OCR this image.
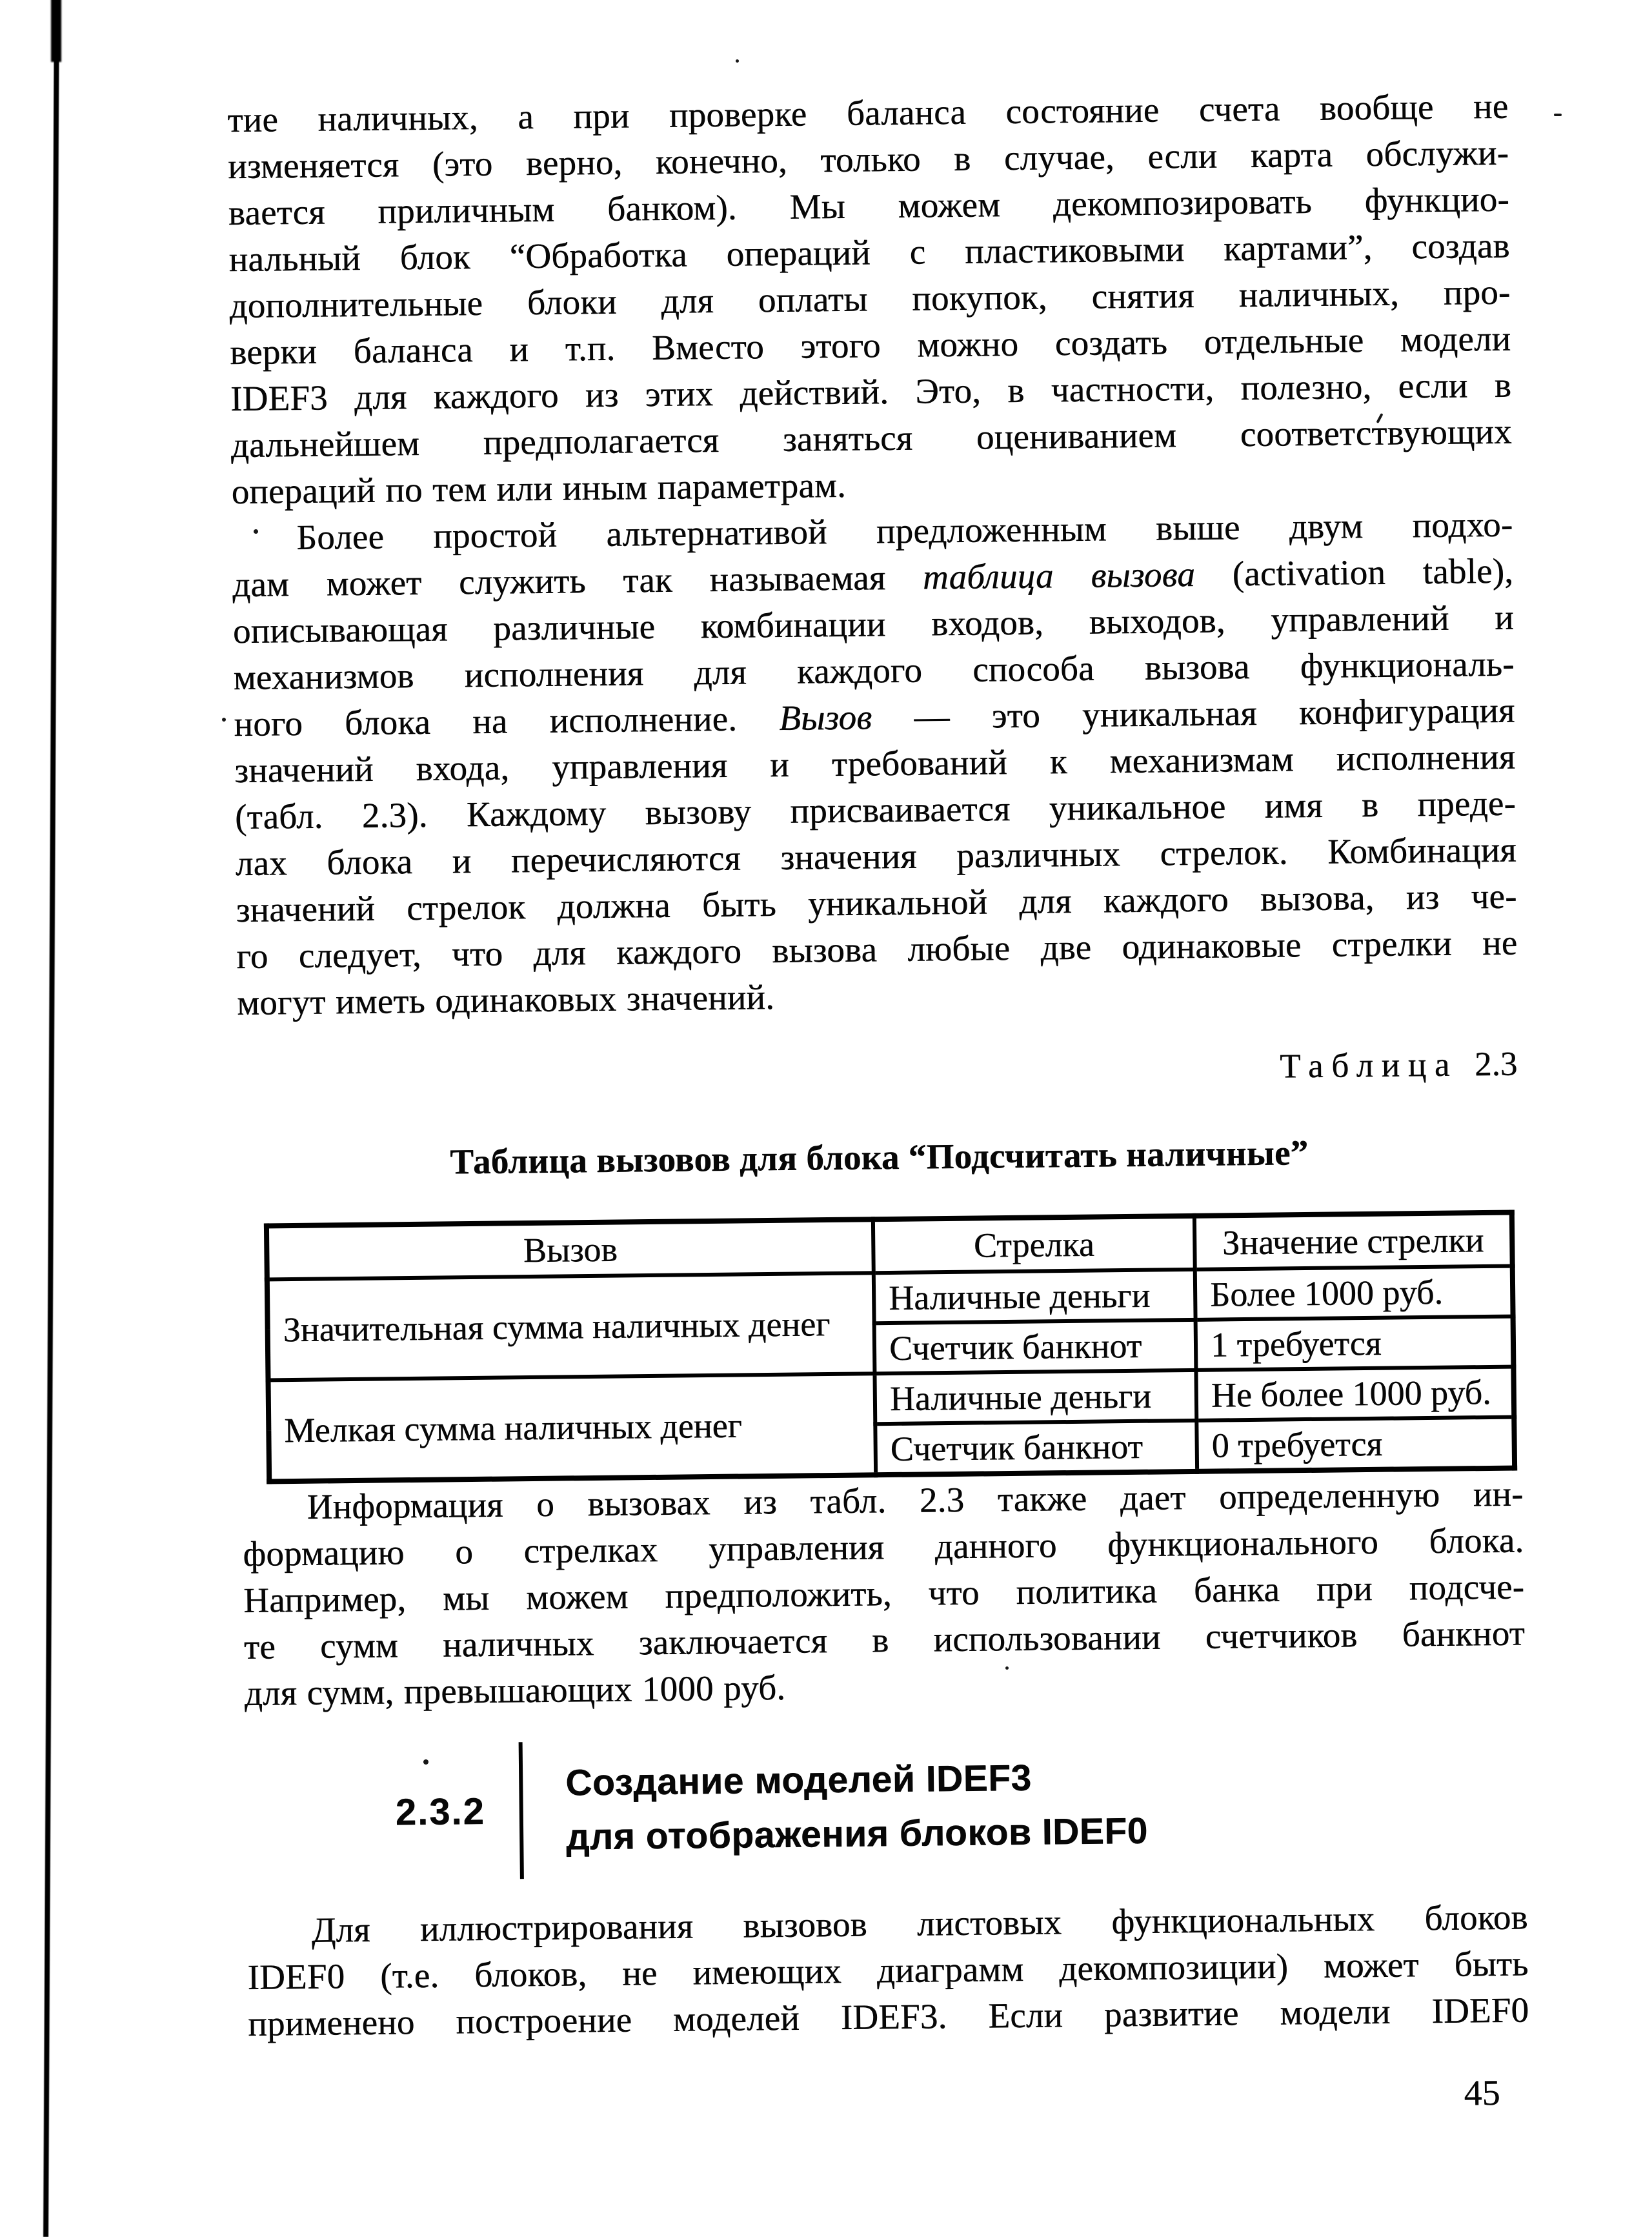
тие наличных, а при проверке баланса состояние счета вообще не
изменяется (это верно, конечно, только в случае, если карта обслужи-
вается приличным банком). Мы можем декомпозировать функцио-
нальный блок “Обработка операций с пластиковыми картами”, создав
дополнительные блоки для оплаты покупок, снятия наличных, про-
верки баланса и т.п. Вместо этого можно создать отдельные модели
IDEF3 для каждого из этих действий. Это, в частности, полезно, если в
дальнейшем предполагается заняться оцениванием соответствующих
операций по тем или иным параметрам.
Более простой альтернативой предложенным выше двум подхо-
дам может служить так называемая таблица вызова (activation table),
описывающая различные комбинации входов, выходов, управлений и
механизмов исполнения для каждого способа вызова функциональ-
ного блока на исполнение. Вызов — это уникальная конфигурация
значений входа, управления и требований к механизмам исполнения
(табл. 2.3). Каждому вызову присваивается уникальное имя в преде-
лах блока и перечисляются значения различных стрелок. Комбинация
значений стрелок должна быть уникальной для каждого вызова, из че-
го следует, что для каждого вызова любые две одинаковые стрелки не
могут иметь одинаковых значений.
Таблица 2.3
Таблица вызовов для блока “Подсчитать наличные”
Вызов	Стрелка	Значение стрелки
Значительная сумма наличных денег	Наличные деньги	Более 1000 руб.
	Счетчик банкнот	1 требуется
Мелкая сумма наличных денег	Наличные деньги	Не более 1000 руб.
	Счетчик банкнот	0 требуется
Информация о вызовах из табл. 2.3 также дает определенную ин-
формацию о стрелках управления данного функционального блока.
Например, мы можем предположить, что политика банка при подсче-
те сумм наличных заключается в использовании счетчиков банкнот
для сумм, превышающих 1000 руб.
2.3.2
Создание моделей IDEF3
для отображения блоков IDEF0
Для иллюстрирования вызовов листовых функциональных блоков
IDEF0 (т.е. блоков, не имеющих диаграмм декомпозиции) может быть
применено построение моделей IDEF3. Если развитие модели IDEF0
45
